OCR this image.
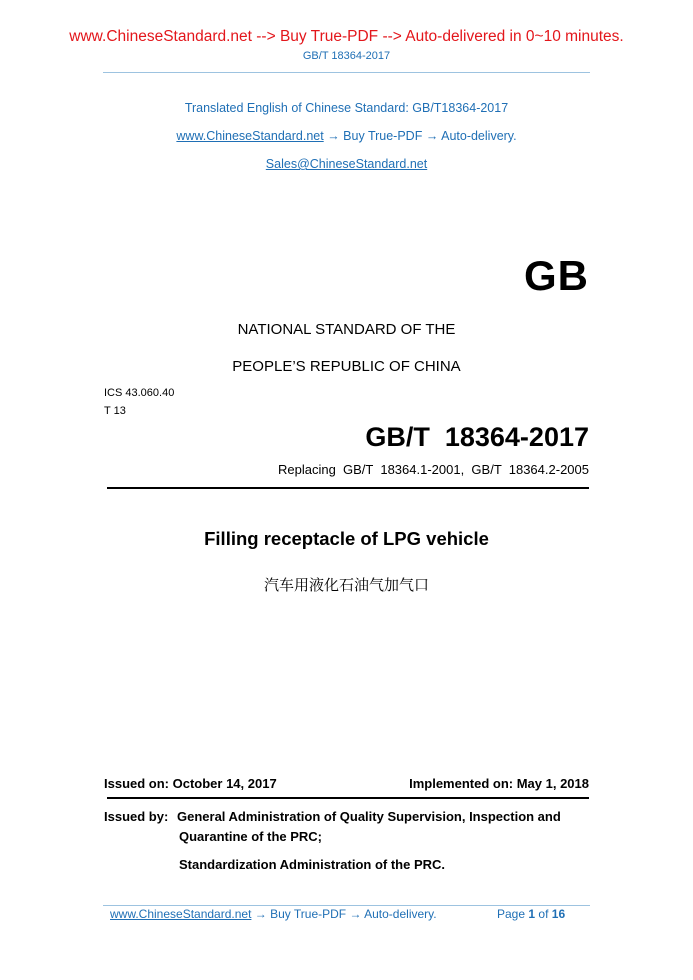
www.ChineseStandard.net --> Buy True-PDF --> Auto-delivered in 0~10 minutes.
GB/T 18364-2017
Translated English of Chinese Standard: GB/T18364-2017
www.ChineseStandard.net → Buy True-PDF → Auto-delivery.
Sales@ChineseStandard.net
GB
NATIONAL STANDARD OF THE
PEOPLE’S REPUBLIC OF CHINA
ICS 43.060.40
T 13
GB/T  18364-2017
Replacing  GB/T  18364.1-2001,  GB/T  18364.2-2005
Filling receptacle of LPG vehicle
汽车用液化石油气加气口
Issued on: October 14, 2017	Implemented on: May 1, 2018
Issued by: General Administration of Quality Supervision, Inspection and
Quarantine of the PRC;
Standardization Administration of the PRC.
www.ChineseStandard.net → Buy True-PDF → Auto-delivery.	Page 1 of 16
